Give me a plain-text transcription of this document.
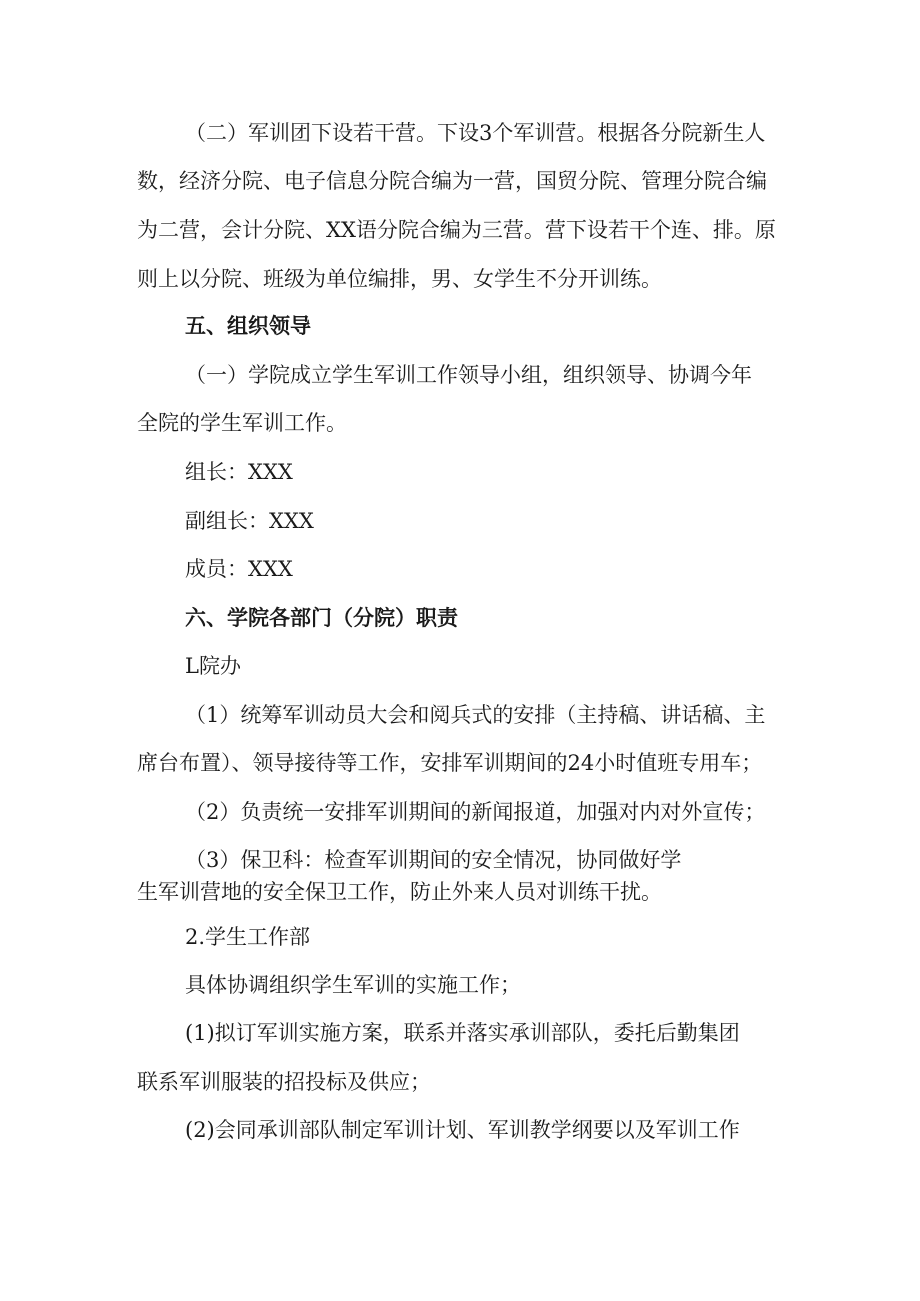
（二）军训团下设若干营。下设3个军训营。根据各分院新生人
数，经济分院、电子信息分院合编为一营，国贸分院、管理分院合编
为二营，会计分院、XX语分院合编为三营。营下设若干个连、排。原
则上以分院、班级为单位编排，男、女学生不分开训练。
五、组织领导
（一）学院成立学生军训工作领导小组，组织领导、协调今年
全院的学生军训工作。
组长：XXX
副组长：XXX
成员：XXX
六、学院各部门（分院）职责
L院办
（1）统筹军训动员大会和阅兵式的安排（主持稿、讲话稿、主
席台布置）、领导接待等工作，安排军训期间的24小时值班专用车；
（2）负责统一安排军训期间的新闻报道，加强对内对外宣传；
（3）保卫科：检查军训期间的安全情况，协同做好学
生军训营地的安全保卫工作，防止外来人员对训练干扰。
2.学生工作部
具体协调组织学生军训的实施工作；
(1)拟订军训实施方案，联系并落实承训部队，委托后勤集团
联系军训服装的招投标及供应；
(2)会同承训部队制定军训计划、军训教学纲要以及军训工作
